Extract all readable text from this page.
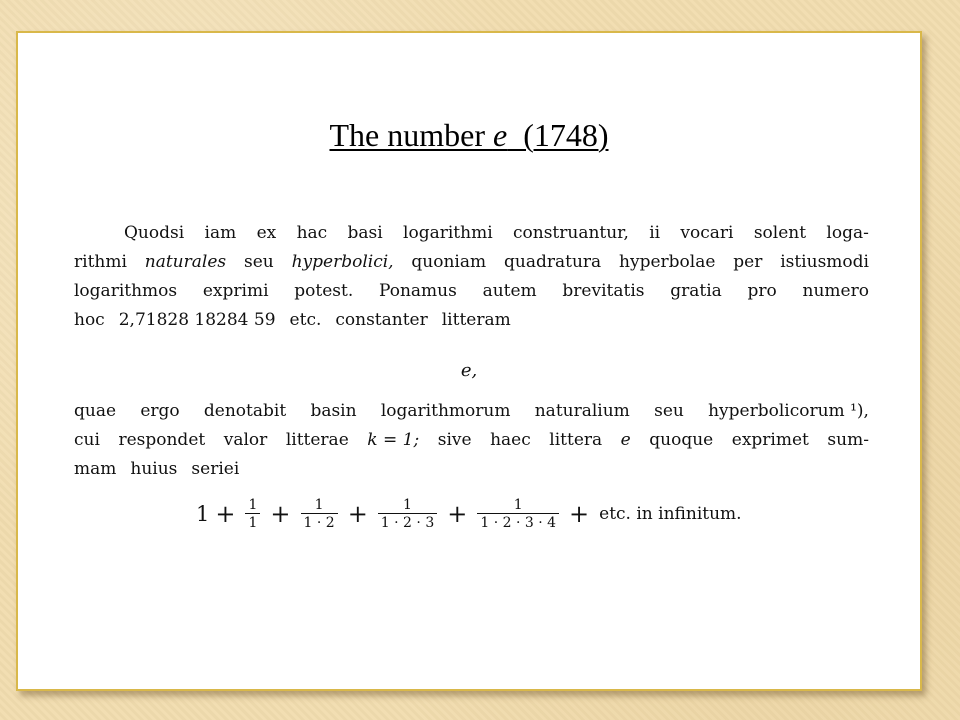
The number e  (1748)
Quodsi iam ex hac basi logarithmi construantur, ii vocari solent loga-
rithmi naturales seu hyperbolici, quoniam quadratura hyperbolae per istiusmodi
logarithmos exprimi potest. Ponamus autem brevitatis gratia pro numero
hoc 2,71828 18284 59 etc. constanter litteram
e,
quae ergo denotabit basin logarithmorum naturalium seu hyperbolicorum ¹),
cui respondet valor litterae k = 1; sive haec littera e quoque exprimet sum-
mam huius seriei
$1 + \frac{1}{1} + \frac{1}{1 \cdot 2} + \frac{1}{1 \cdot 2 \cdot 3} + \frac{1}{1 \cdot 2 \cdot 3 \cdot 4}$ + etc. in infinitum.
